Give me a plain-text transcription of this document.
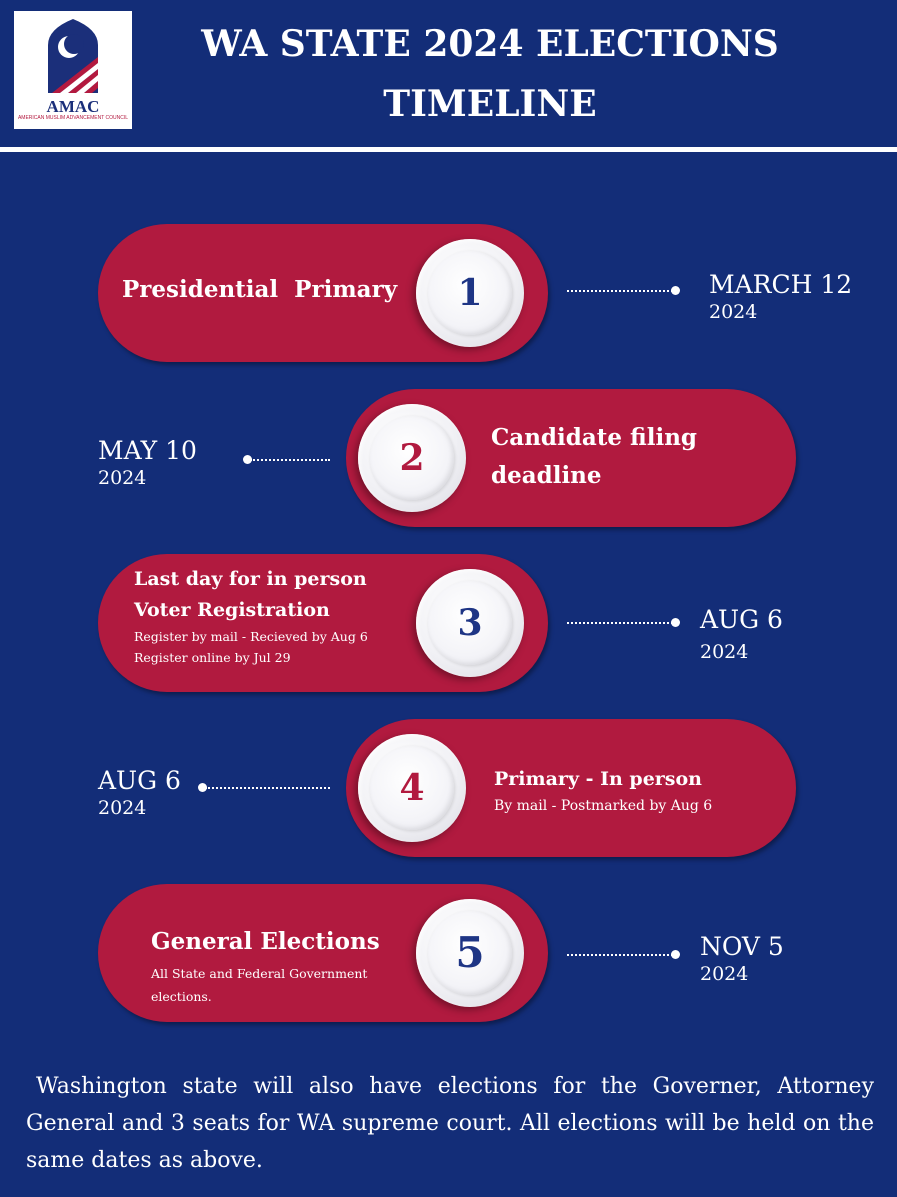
AMAC
AMERICAN MUSLIM ADVANCEMENT COUNCIL
WA STATE 2024 ELECTIONS
TIMELINE
Presidential  Primary	1	MARCH 12
2024
2	Candidate filing
deadline
MAY 10
2024
Last day for in person
Voter Registration
Register by mail - Recieved by Aug 6
Register online by Jul 29
3	AUG 6
2024
4	Primary - In person
By mail - Postmarked by Aug 6
AUG 6
2024
General Elections
All State and Federal Government
elections.
5	NOV 5
2024
Washington state will also have elections for the Governer, Attorney General and 3 seats for WA supreme court. All elections will be held on the same dates as above.
